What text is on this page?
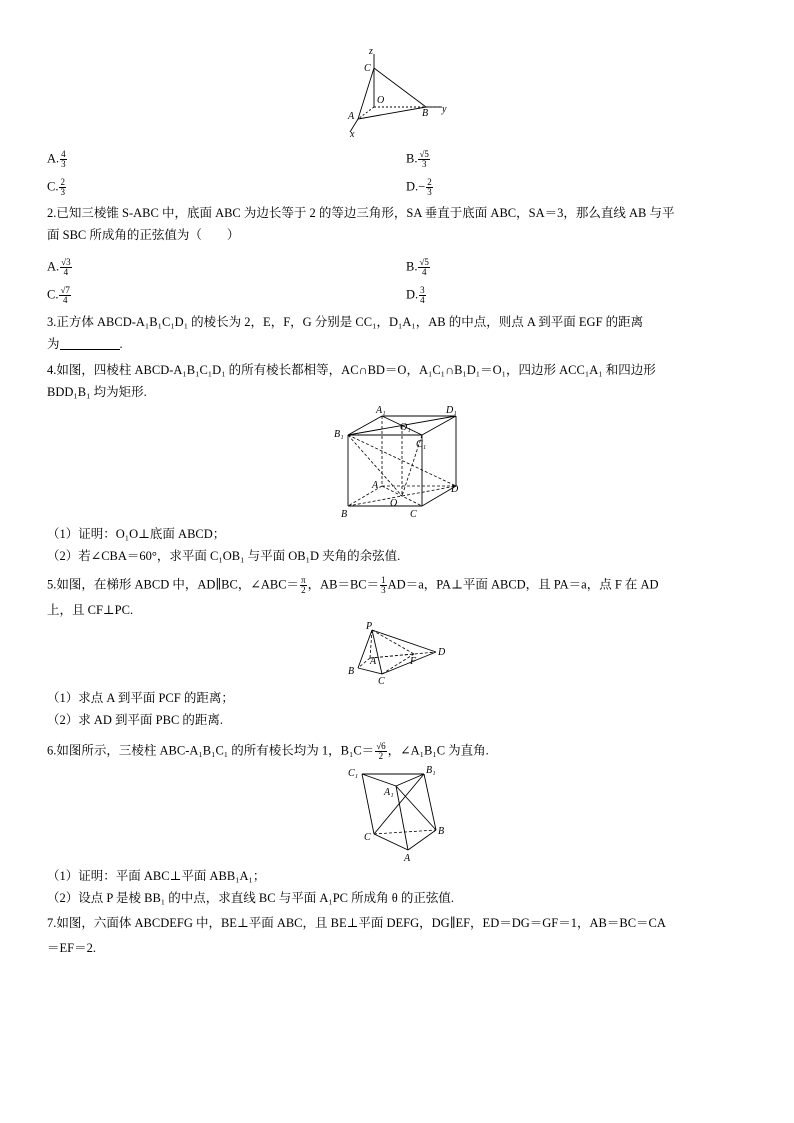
z
C
O
A	B y
x
A. $\frac{4}{3}$	B. $\frac{√5}{3}$
C. $\frac{2}{3}$	$D.- \frac{2}{3}$
2.已知三棱锥 S-ABC 中，底面 ABC 为边长等于 2 的等边三角形，SA 垂直于底面 ABC，SA＝3，那么直线 AB 与平
面 SBC 所成角的正弦值为（　　）
A. $\frac{√3}{4}$	B. $\frac{√5}{4}$
C. $\frac{√7}{4}$	D. $\frac{3}{4}$
3.正方体 ABCD-A₁B₁C₁D₁ 的棱长为 2，E，F，G 分别是 CC₁，D₁A₁，AB 的中点，则点 A 到平面 EGF 的距离
为	.
4.如图，四棱柱 ABCD-A₁B₁C₁D₁ 的所有棱长都相等，AC∩BD＝O，A₁C₁∩B₁D₁＝O₁，四边形 ACC₁A₁ 和四边形
BDD₁B₁ 均为矩形.
A₁	D₁
B₁
O₁
C₁
A	D
B
O
C
（1）证明：O₁O⊥底面 ABCD；
（2）若∠CBA＝60°，求平面 C₁OB₁ 与平面 OB₁D 夹角的余弦值.
5.如图，在梯形 ABCD 中，AD∥BC，∠ABC＝ $\frac{\pi}{2}$ ，$AB=BC= \frac{1}{3} AD=a$，PA⊥平面 ABCD，且 PA＝a，点 F 在 AD
上，且 CF⊥PC.
P
A	F
D
B
C
（1）求点 A 到平面 PCF 的距离；
（2）求 AD 到平面 PBC 的距离.
6.如图所示，三棱柱 ABC-A₁B₁C₁ 的所有棱长均为 1，$B_1C= \frac{√6}{2}$ ，∠A₁B₁C 为直角.
C₁	B₁
A₁
C
B
A
（1）证明：平面 ABC⊥平面 ABB₁A₁；
（2）设点 P 是棱 BB₁ 的中点，求直线 BC 与平面 A₁PC 所成角 θ 的正弦值.
7.如图，六面体 ABCDEFG 中，BE⊥平面 ABC，且 BE⊥平面 DEFG，DG∥EF，ED＝DG＝GF＝1，AB＝BC＝CA
＝EF＝2.
